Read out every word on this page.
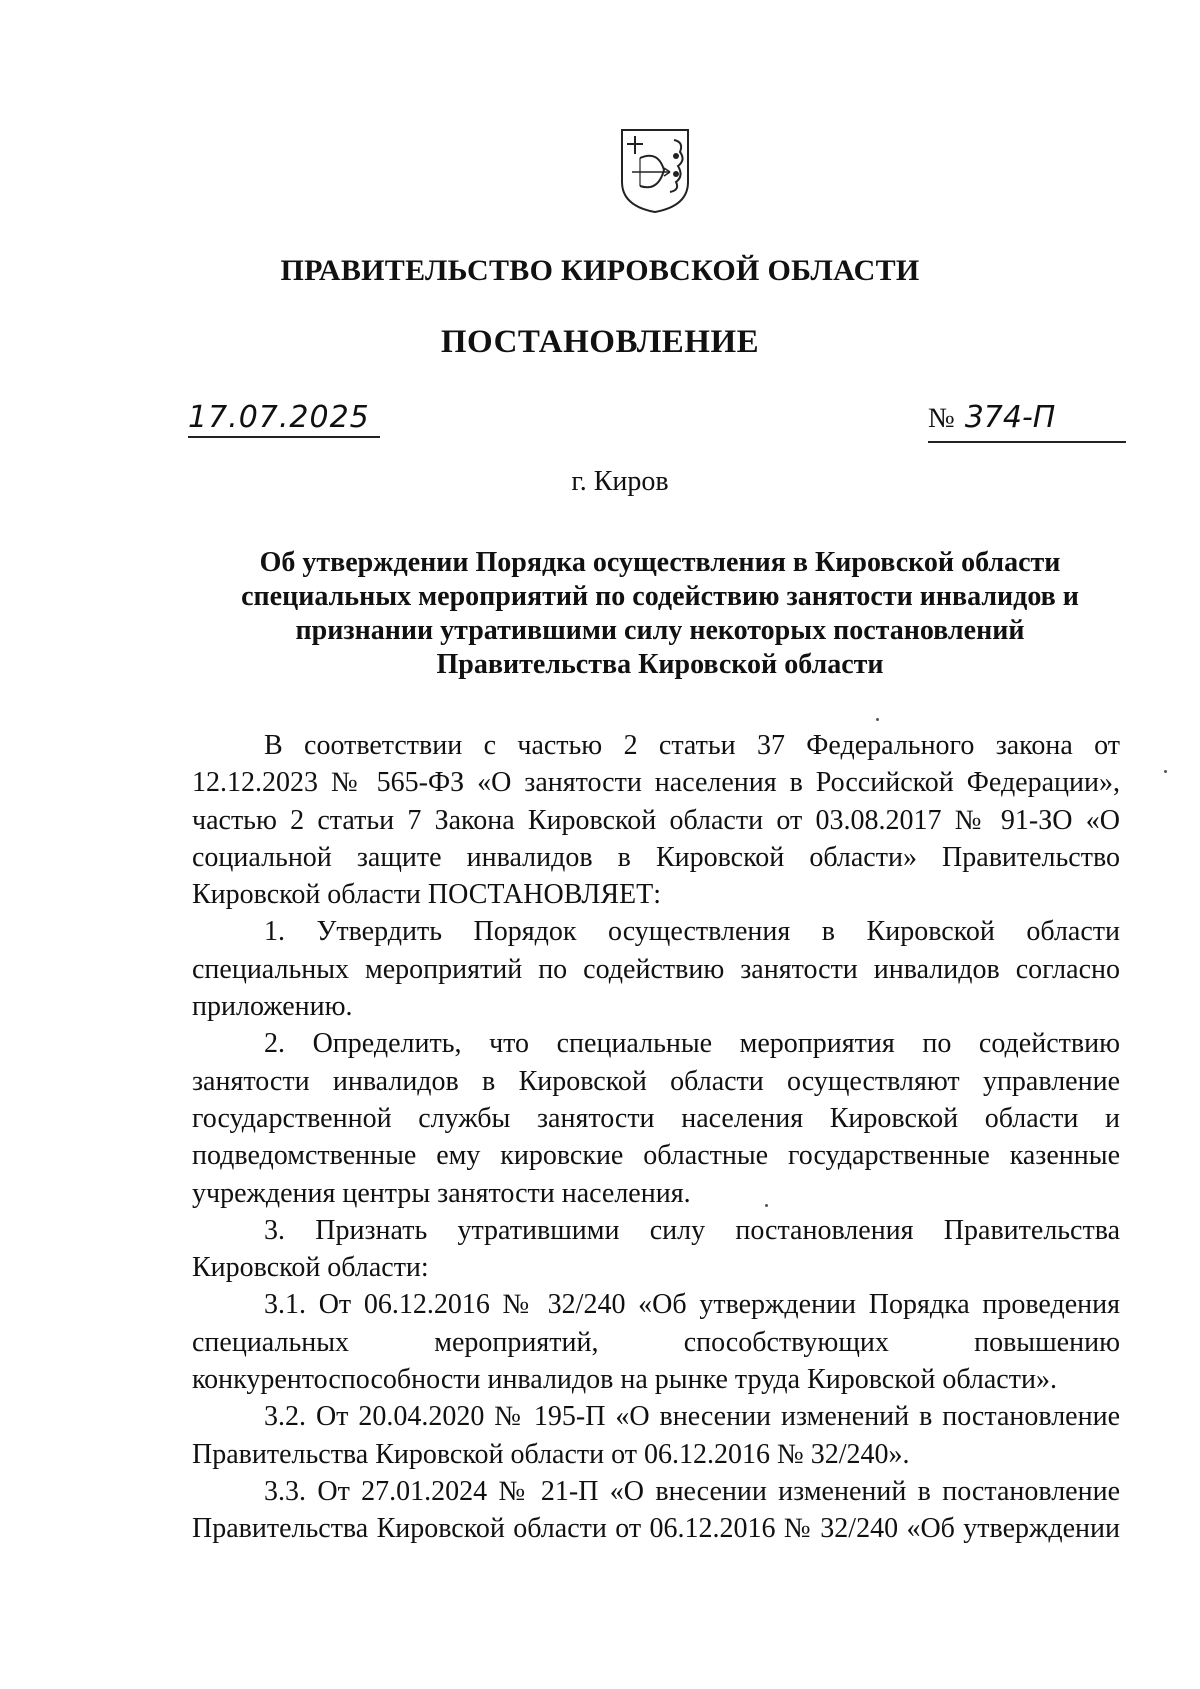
ПРАВИТЕЛЬСТВО КИРОВСКОЙ ОБЛАСТИ
ПОСТАНОВЛЕНИЕ
17.07.2025	№ 374-П
г. Киров
Об утверждении Порядка осуществления в Кировской области специальных мероприятий по содействию занятости инвалидов и признании утратившими силу некоторых постановлений Правительства Кировской области

В соответствии с частью 2 статьи 37 Федерального закона от 12.12.2023 № 565-ФЗ «О занятости населения в Российской Федерации», частью 2 статьи 7 Закона Кировской области от 03.08.2017 № 91-ЗО «О социальной защите инвалидов в Кировской области» Правительство Кировской области ПОСТАНОВЛЯЕТ:

1. Утвердить Порядок осуществления в Кировской области специальных мероприятий по содействию занятости инвалидов согласно приложению.

2. Определить, что специальные мероприятия по содействию занятости инвалидов в Кировской области осуществляют управление государственной службы занятости населения Кировской области и подведомственные ему кировские областные государственные казенные учреждения центры занятости населения.

3. Признать утратившими силу постановления Правительства Кировской области:

3.1. От 06.12.2016 № 32/240 «Об утверждении Порядка проведения специальных мероприятий, способствующих повышению конкурентоспособности инвалидов на рынке труда Кировской области».

3.2. От 20.04.2020 № 195-П «О внесении изменений в постановление Правительства Кировской области от 06.12.2016 № 32/240».

3.3. От 27.01.2024 № 21-П «О внесении изменений в постановление Правительства Кировской области от 06.12.2016 № 32/240 «Об утверждении
